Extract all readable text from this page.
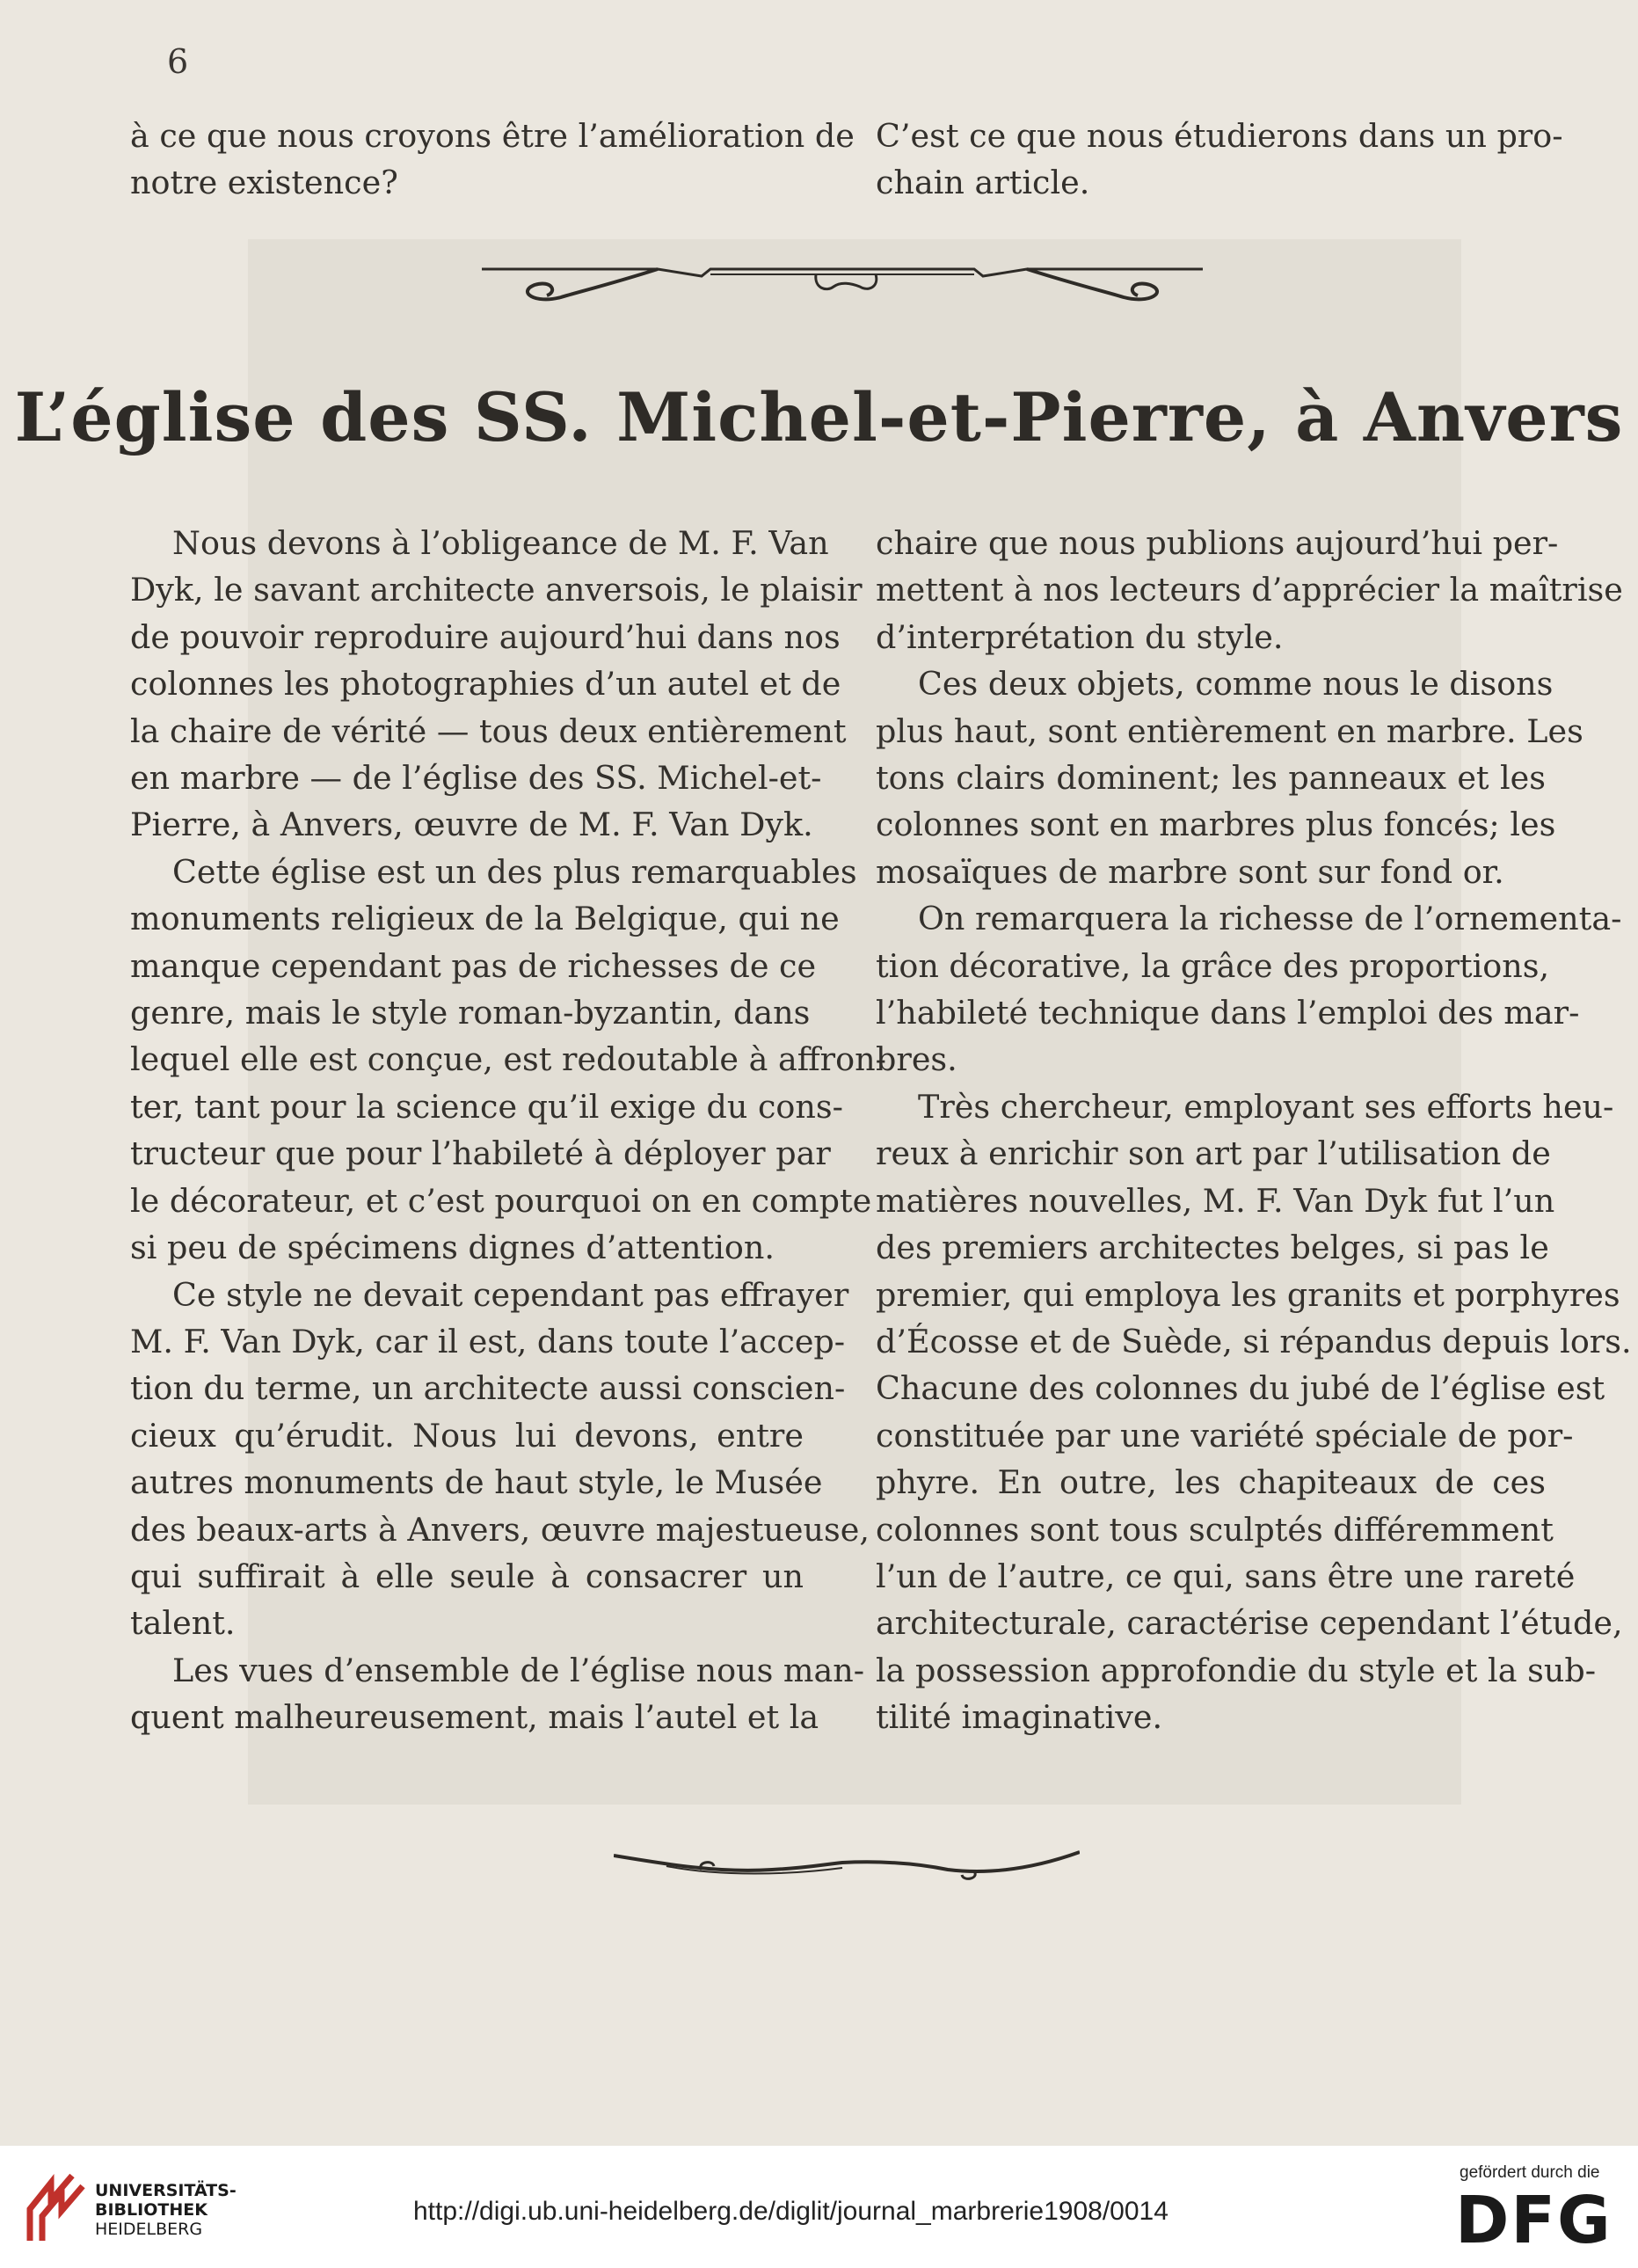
6
à ce que nous croyons être l’amélioration de
notre existence?
C’est ce que nous étudierons dans un pro-
chain article.
L’église des SS. Michel-et-Pierre, à Anvers

Nous devons à l’obligeance de M. F. Van
Dyk, le savant architecte anversois, le plaisir
de pouvoir reproduire aujourd’hui dans nos
colonnes les photographies d’un autel et de
la chaire de vérité — tous deux entièrement
en marbre — de l’église des SS. Michel-et-
Pierre, à Anvers, œuvre de M. F. Van Dyk.

Cette église est un des plus remarquables
monuments religieux de la Belgique, qui ne
manque cependant pas de richesses de ce
genre, mais le style roman-byzantin, dans
lequel elle est conçue, est redoutable à affron-
ter, tant pour la science qu’il exige du cons-
tructeur que pour l’habileté à déployer par
le décorateur, et c’est pourquoi on en compte
si peu de spécimens dignes d’attention.

Ce style ne devait cependant pas effrayer
M. F. Van Dyk, car il est, dans toute l’accep-
tion du terme, un architecte aussi conscien-
cieux qu’érudit. Nous lui devons, entre
autres monuments de haut style, le Musée
des beaux-arts à Anvers, œuvre majestueuse,
qui suffirait à elle seule à consacrer un
talent.

Les vues d’ensemble de l’église nous man-
quent malheureusement, mais l’autel et la

chaire que nous publions aujourd’hui per-
mettent à nos lecteurs d’apprécier la maîtrise
d’interprétation du style.

Ces deux objets, comme nous le disons
plus haut, sont entièrement en marbre. Les
tons clairs dominent; les panneaux et les
colonnes sont en marbres plus foncés; les
mosaïques de marbre sont sur fond or.

On remarquera la richesse de l’ornementa-
tion décorative, la grâce des proportions,
l’habileté technique dans l’emploi des mar-
bres.

Très chercheur, employant ses efforts heu-
reux à enrichir son art par l’utilisation de
matières nouvelles, M. F. Van Dyk fut l’un
des premiers architectes belges, si pas le
premier, qui employa les granits et porphyres
d’Écosse et de Suède, si répandus depuis lors.
Chacune des colonnes du jubé de l’église est
constituée par une variété spéciale de por-
phyre. En outre, les chapiteaux de ces
colonnes sont tous sculptés différemment
l’un de l’autre, ce qui, sans être une rareté
architecturale, caractérise cependant l’étude,
la possession approfondie du style et la sub-
tilité imaginative.

UNIVERSITÄTS-
BIBLIOTHEK
HEIDELBERG
http://digi.ub.uni-heidelberg.de/diglit/journal_marbrerie1908/0014
gefördert durch die
DFG
